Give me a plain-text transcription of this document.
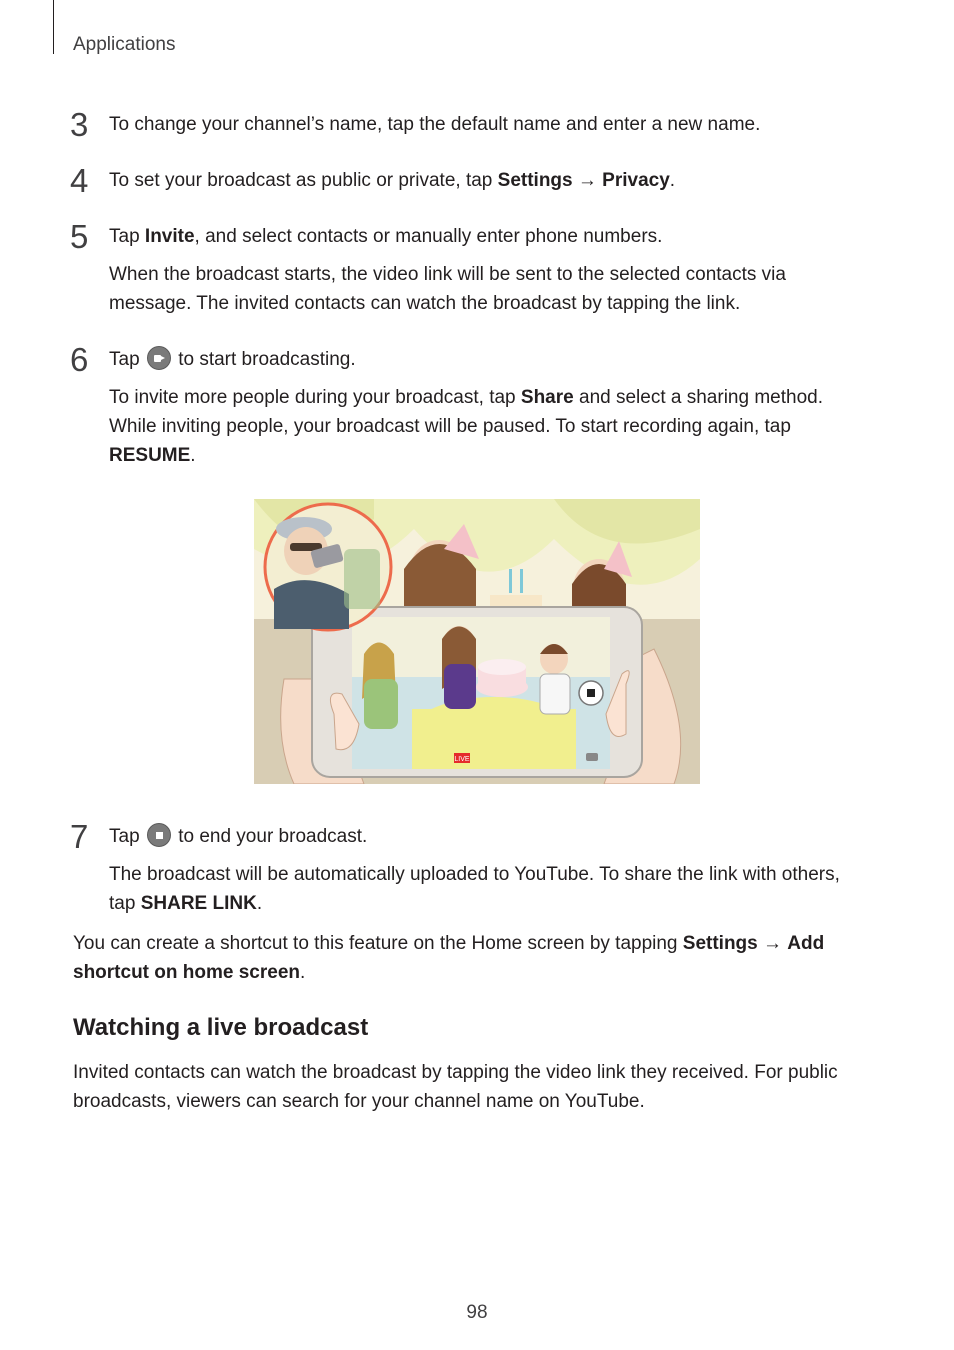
Applications
3 To change your channel’s name, tap the default name and enter a new name.
4 To set your broadcast as public or private, tap Settings → Privacy.
5 Tap Invite, and select contacts or manually enter phone numbers.
When the broadcast starts, the video link will be sent to the selected contacts via
message. The invited contacts can watch the broadcast by tapping the link.
6 Tap
to start broadcasting.
To invite more people during your broadcast, tap Share and select a sharing method.
While inviting people, your broadcast will be paused. To start recording again, tap
RESUME.
LIVE
7 Tap
to end your broadcast.
The broadcast will be automatically uploaded to YouTube. To share the link with others,
tap SHARE LINK.
You can create a shortcut to this feature on the Home screen by tapping Settings → Add
shortcut on home screen.
Watching a live broadcast
Invited contacts can watch the broadcast by tapping the video link they received. For public
broadcasts, viewers can search for your channel name on YouTube.
98
